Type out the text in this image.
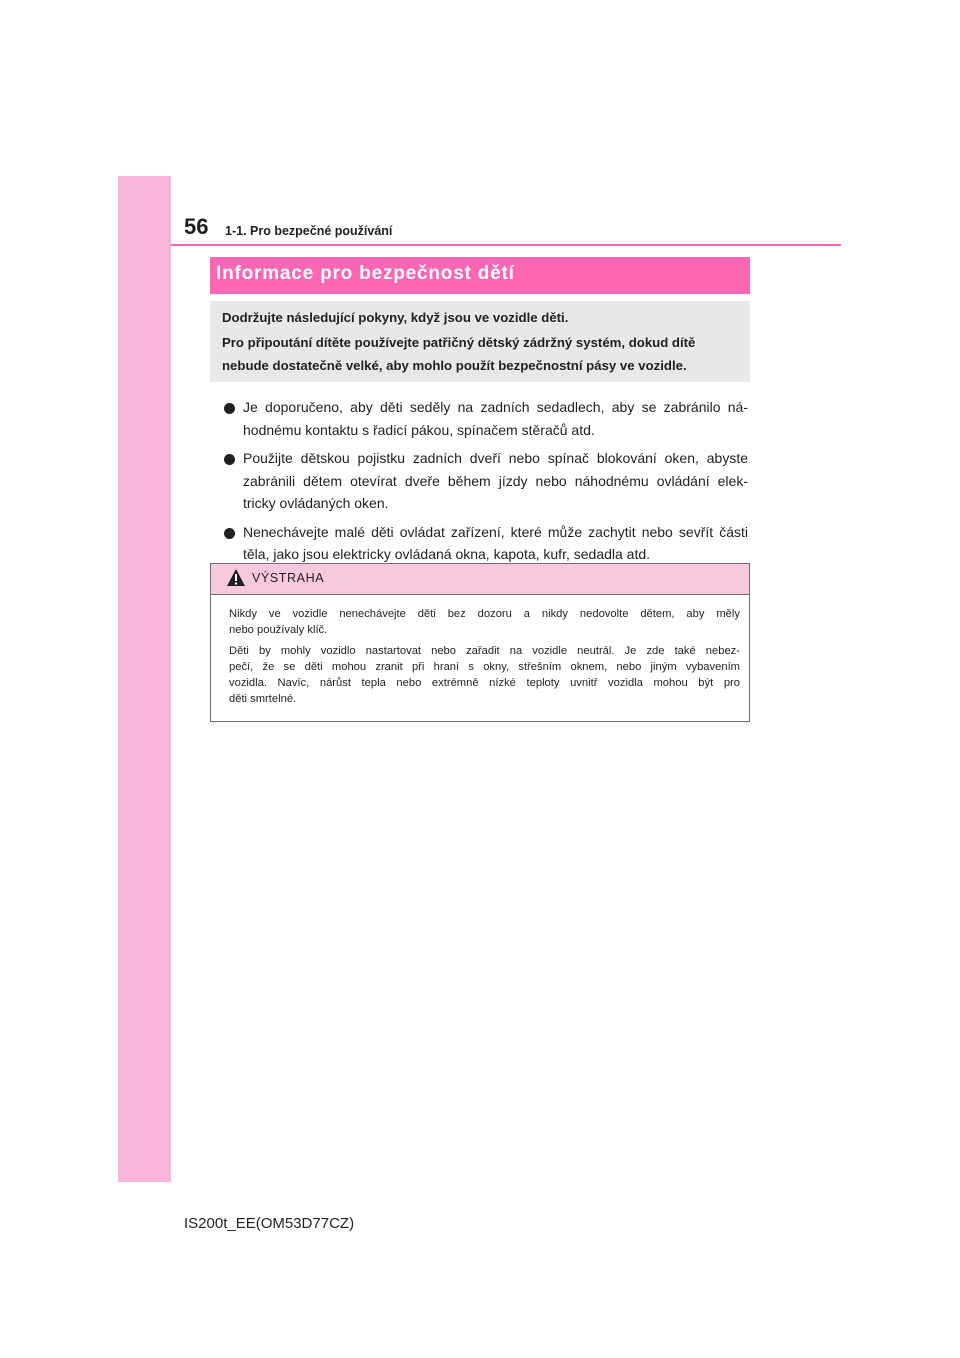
56 1-1. Pro bezpečné používání
Informace pro bezpečnost dětí
Dodržujte následující pokyny, když jsou ve vozidle děti.
Pro připoutání dítěte používejte patřičný dětský zádržný systém, dokud dítě
nebude dostatečně velké, aby mohlo použít bezpečnostní pásy ve vozidle.
Je doporučeno, aby děti seděly na zadních sedadlech, aby se zabránilo ná-
hodnému kontaktu s řadicí pákou, spínačem stěračů atd.
Použijte dětskou pojistku zadních dveří nebo spínač blokování oken, abyste
zabránili dětem otevírat dveře během jízdy nebo náhodnému ovládání elek-
tricky ovládaných oken.
Nenechávejte malé děti ovládat zařízení, které může zachytit nebo sevřít části
těla, jako jsou elektricky ovládaná okna, kapota, kufr, sedadla atd.
VÝSTRAHA
Nikdy ve vozidle nenechávejte děti bez dozoru a nikdy nedovolte dětem, aby měly
nebo používaly klíč.
Děti by mohly vozidlo nastartovat nebo zařadit na vozidle neutrál. Je zde také nebez-
pečí, že se děti mohou zranit při hraní s okny, střešním oknem, nebo jiným vybavením
vozidla. Navíc, nárůst tepla nebo extrémně nízké teploty uvnitř vozidla mohou být pro
děti smrtelné.
IS200t_EE(OM53D77CZ)
